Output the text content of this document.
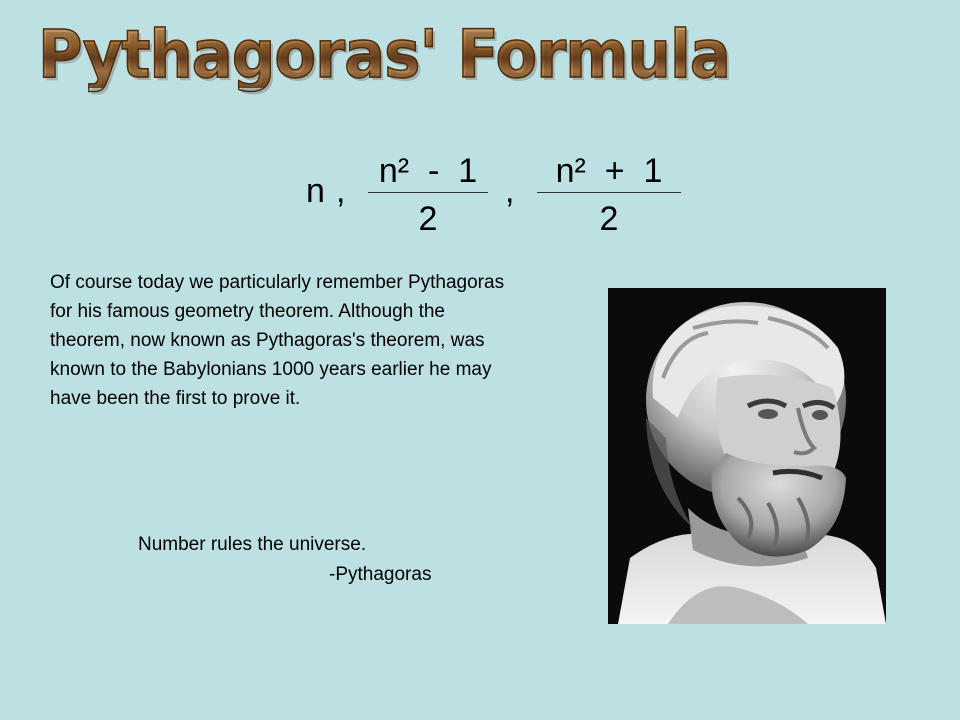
Pythagoras' Formula
n ,
n²  -  1
2
,
n²  +  1
2
Of course today we particularly remember Pythagoras for his famous geometry theorem. Although the theorem, now known as Pythagoras's theorem, was known to the Babylonians 1000 years earlier he may have been the first to prove it.
Number rules the universe.
-Pythagoras
